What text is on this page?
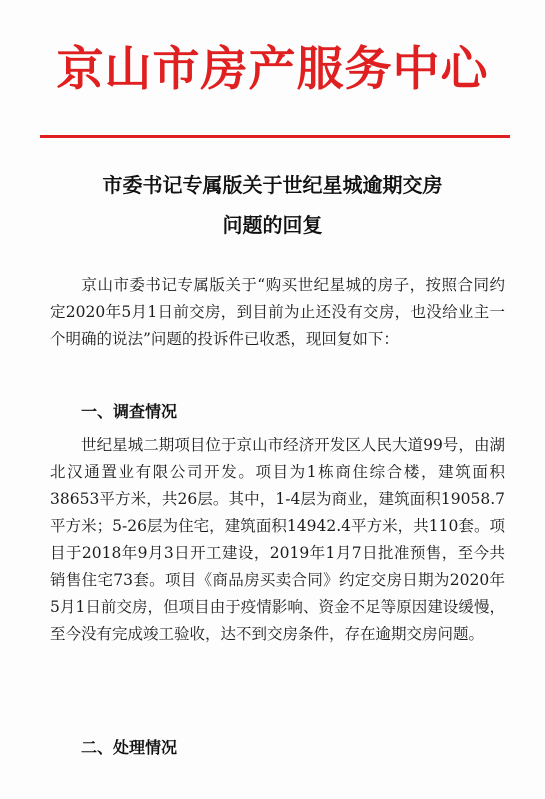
京山市房产服务中心
市委书记专属版关于世纪星城逾期交房
问题的回复
京山市委书记专属版关于“购买世纪星城的房子，按照合同约定2020年5月1日前交房，到目前为止还没有交房，也没给业主一个明确的说法”问题的投诉件已收悉，现回复如下：
一、调查情况
世纪星城二期项目位于京山市经济开发区人民大道99号，由湖北汉通置业有限公司开发。项目为1栋商住综合楼，建筑面积38653平方米，共26层。其中，1-4层为商业，建筑面积19058.7平方米；5-26层为住宅，建筑面积14942.4平方米，共110套。项目于2018年9月3日开工建设，2019年1月7日批准预售，至今共销售住宅73套。项目《商品房买卖合同》约定交房日期为2020年5月1日前交房，但项目由于疫情影响、资金不足等原因建设缓慢，至今没有完成竣工验收，达不到交房条件，存在逾期交房问题。
二、处理情况
